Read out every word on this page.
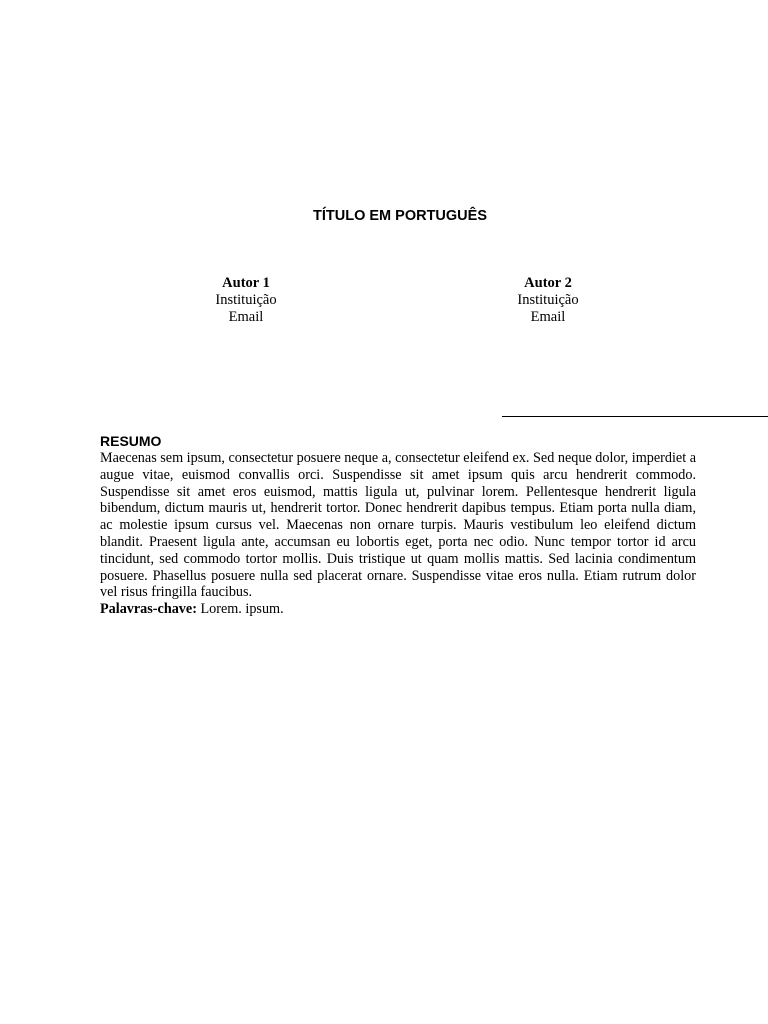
TÍTULO EM PORTUGUÊS
Autor 1
Instituição
Email
Autor 2
Instituição
Email
RESUMO
Maecenas sem ipsum, consectetur posuere neque a, consectetur eleifend ex. Sed neque dolor, imperdiet a augue vitae, euismod convallis orci. Suspendisse sit amet ipsum quis arcu hendrerit commodo. Suspendisse sit amet eros euismod, mattis ligula ut, pulvinar lorem. Pellentesque hendrerit ligula bibendum, dictum mauris ut, hendrerit tortor. Donec hendrerit dapibus tempus. Etiam porta nulla diam, ac molestie ipsum cursus vel. Maecenas non ornare turpis. Mauris vestibulum leo eleifend dictum blandit. Praesent ligula ante, accumsan eu lobortis eget, porta nec odio. Nunc tempor tortor id arcu tincidunt, sed commodo tortor mollis. Duis tristique ut quam mollis mattis. Sed lacinia condimentum posuere. Phasellus posuere nulla sed placerat ornare. Suspendisse vitae eros nulla. Etiam rutrum dolor vel risus fringilla faucibus.
Palavras-chave: Lorem. ipsum.
